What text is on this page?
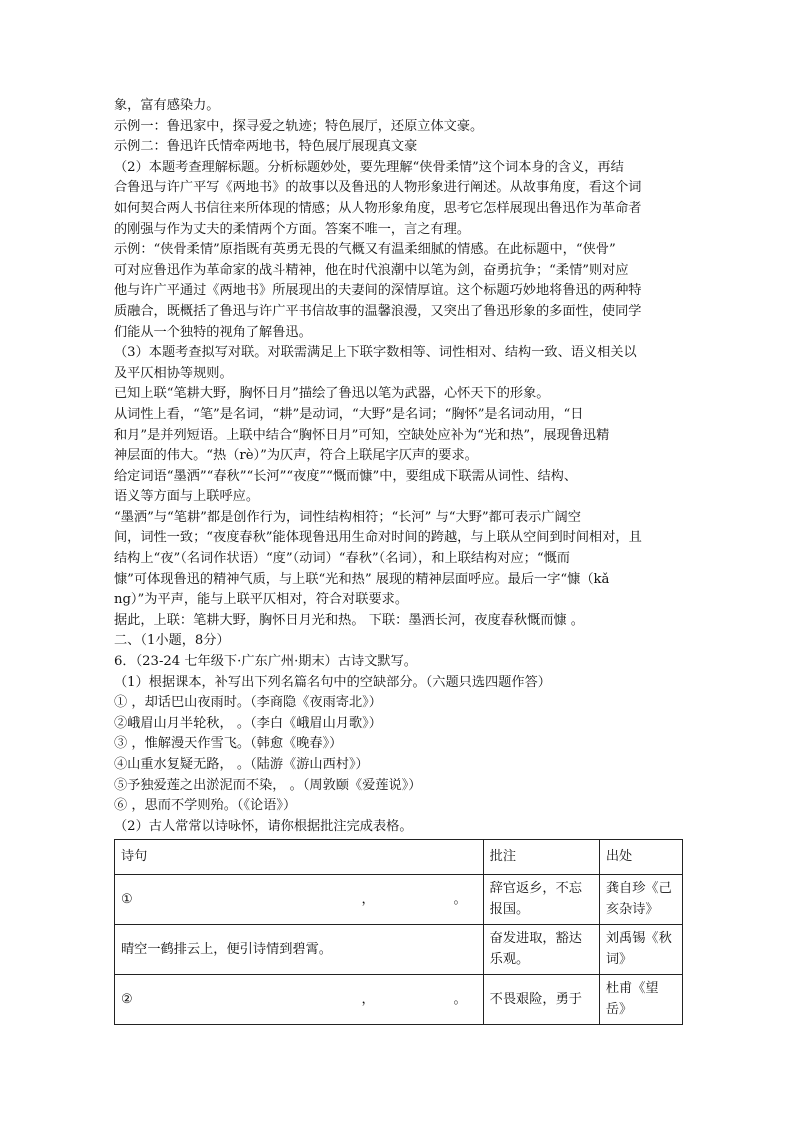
象，富有感染力。
示例一：鲁迅家中，探寻爱之轨迹；特色展厅，还原立体文豪。
示例二：鲁迅许氏情牵两地书，特色展厅展现真文豪
（2）本题考查理解标题。分析标题妙处，要先理解“侠骨柔情”这个词本身的含义，再结
合鲁迅与许广平写《两地书》的故事以及鲁迅的人物形象进行阐述。从故事角度，看这个词
如何契合两人书信往来所体现的情感；从人物形象角度，思考它怎样展现出鲁迅作为革命者
的刚强与作为丈夫的柔情两个方面。答案不唯一，言之有理。
示例：“侠骨柔情”原指既有英勇无畏的气概又有温柔细腻的情感。在此标题中，“侠骨”
可对应鲁迅作为革命家的战斗精神，他在时代浪潮中以笔为剑，奋勇抗争；“柔情”则对应
他与许广平通过《两地书》所展现出的夫妻间的深情厚谊。这个标题巧妙地将鲁迅的两种特
质融合，既概括了鲁迅与许广平书信故事的温馨浪漫，又突出了鲁迅形象的多面性，使同学
们能从一个独特的视角了解鲁迅。
（3）本题考查拟写对联。对联需满足上下联字数相等、词性相对、结构一致、语义相关以
及平仄相协等规则。
已知上联“笔耕大野，胸怀日月”描绘了鲁迅以笔为武器，心怀天下的形象。
从词性上看，“笔”是名词，“耕”是动词，“大野”是名词；“胸怀”是名词动用，“日
和月”是并列短语。上联中结合“胸怀日月”可知，空缺处应补为“光和热”，展现鲁迅精
神层面的伟大。“热（rè）”为仄声，符合上联尾字仄声的要求。
给定词语“墨洒”“春秋”“长河”“夜度”“慨而慷”中，要组成下联需从词性、结构、
语义等方面与上联呼应。
“墨洒”与“笔耕”都是创作行为，词性结构相符；“长河” 与“大野”都可表示广阔空
间，词性一致；“夜度春秋”能体现鲁迅用生命对时间的跨越，与上联从空间到时间相对，且
结构上“夜”（名词作状语）“度”（动词）“春秋”（名词），和上联结构对应；“慨而
慷”可体现鲁迅的精神气质，与上联“光和热” 展现的精神层面呼应。最后一字“慷（kǎ
ng）”为平声，能与上联平仄相对，符合对联要求。
据此，上联：笔耕大野，胸怀日月光和热。 下联：墨洒长河，夜度春秋慨而慷 。
二、（1小题，8分）
6．（23-24 七年级下·广东广州·期末）古诗文默写。
（1）根据课本，补写出下列名篇名句中的空缺部分。（六题只选四题作答）
① ，却话巴山夜雨时。（李商隐《夜雨寄北》）
②峨眉山月半轮秋， 。（李白《峨眉山月歌》）
③ ，惟解漫天作雪飞。（韩愈《晚春》）
④山重水复疑无路， 。（陆游《游山西村》）
⑤予独爱莲之出淤泥而不染， 。（周敦颐《爱莲说》）
⑥ ，思而不学则殆。（《论语》）
（2）古人常常以诗咏怀，请你根据批注完成表格。
诗句	批注	出处

① ， 。	辞官返乡，不忘报国。	龚自珍《己亥杂诗》
晴空一鹤排云上，便引诗情到碧霄。	奋发进取，豁达乐观。	刘禹锡《秋词》

② ， 。	不畏艰险，勇于	杜甫《望岳》
